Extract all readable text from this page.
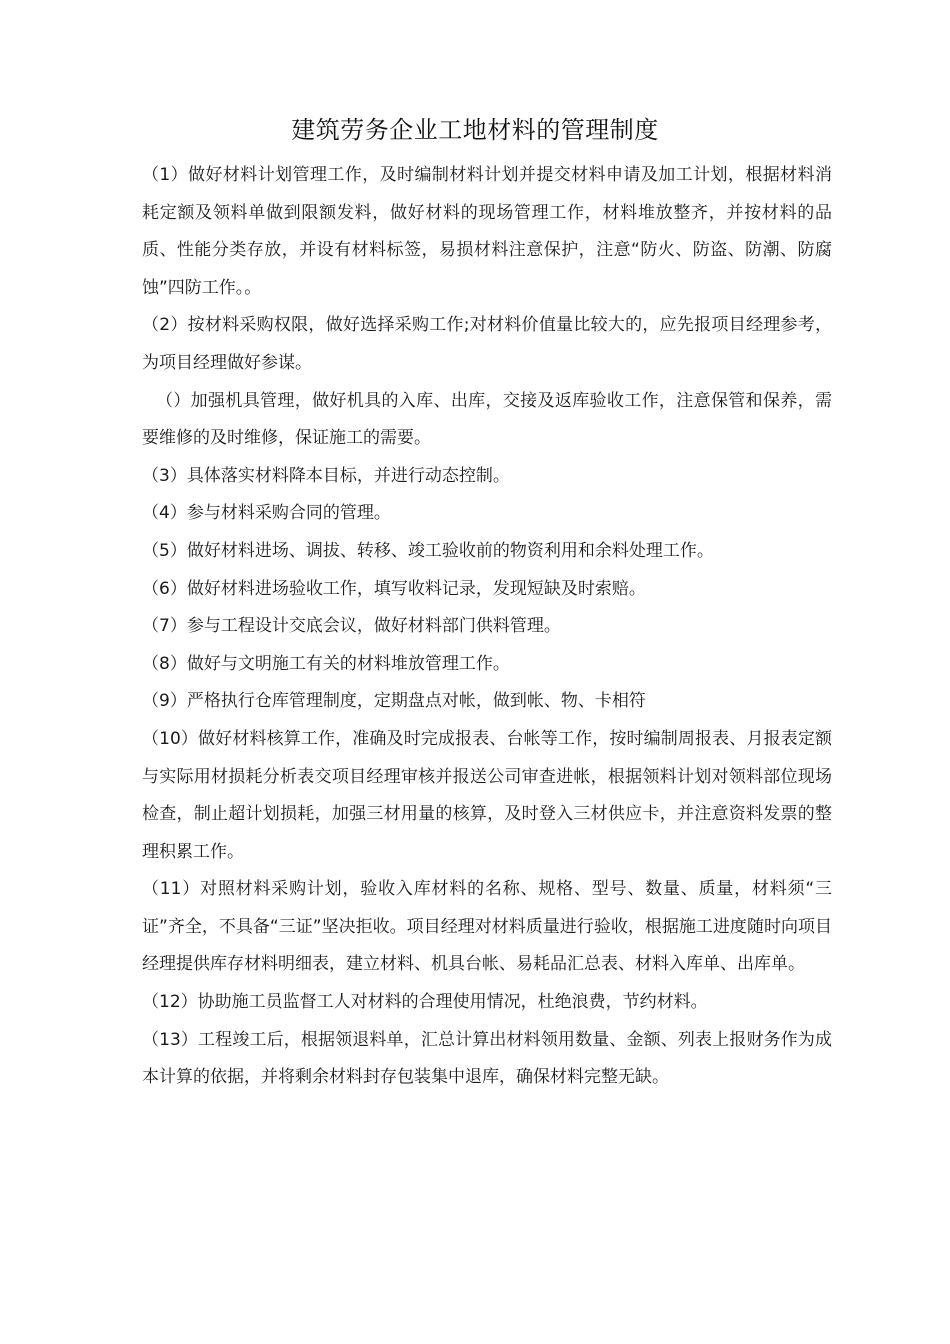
建筑劳务企业工地材料的管理制度

（1）做好材料计划管理工作，及时编制材料计划并提交材料申请及加工计划，根据材料消耗定额及领料单做到限额发料，做好材料的现场管理工作，材料堆放整齐，并按材料的品质、性能分类存放，并设有材料标签，易损材料注意保护，注意“防火、防盗、防潮、防腐蚀”四防工作。。

（2）按材料采购权限，做好选择采购工作;对材料价值量比较大的，应先报项目经理参考，为项目经理做好参谋。

（）加强机具管理，做好机具的入库、出库，交接及返库验收工作，注意保管和保养，需要维修的及时维修，保证施工的需要。

（3）具体落实材料降本目标，并进行动态控制。

（4）参与材料采购合同的管理。

（5）做好材料进场、调拔、转移、竣工验收前的物资利用和余料处理工作。

（6）做好材料进场验收工作，填写收料记录，发现短缺及时索赔。

（7）参与工程设计交底会议，做好材料部门供料管理。

（8）做好与文明施工有关的材料堆放管理工作。

（9）严格执行仓库管理制度，定期盘点对帐，做到帐、物、卡相符

（10）做好材料核算工作，准确及时完成报表、台帐等工作，按时编制周报表、月报表定额与实际用材损耗分析表交项目经理审核并报送公司审查进帐，根据领料计划对领料部位现场检查，制止超计划损耗，加强三材用量的核算，及时登入三材供应卡，并注意资料发票的整理积累工作。

（11）对照材料采购计划，验收入库材料的名称、规格、型号、数量、质量，材料须“三证”齐全，不具备“三证”坚决拒收。项目经理对材料质量进行验收，根据施工进度随时向项目经理提供库存材料明细表，建立材料、机具台帐、易耗品汇总表、材料入库单、出库单。

（12）协助施工员监督工人对材料的合理使用情况，杜绝浪费，节约材料。

（13）工程竣工后，根据领退料单，汇总计算出材料领用数量、金额、列表上报财务作为成本计算的依据，并将剩余材料封存包装集中退库，确保材料完整无缺。
